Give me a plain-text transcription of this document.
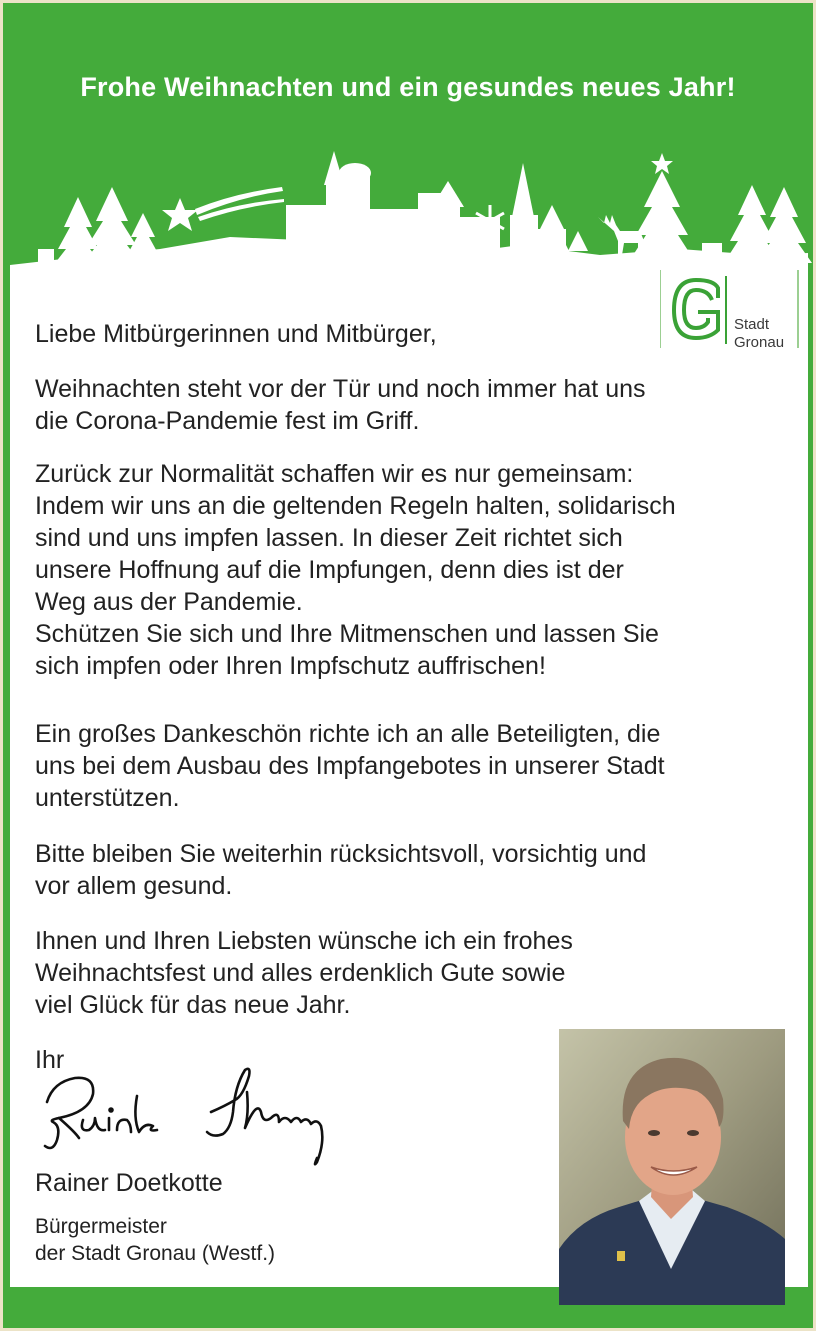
Frohe Weihnachten und ein gesundes neues Jahr!
Stadt
Gronau
Liebe Mitbürgerinnen und Mitbürger,
Weihnachten steht vor der Tür und noch immer hat uns
die Corona-Pandemie fest im Griff.
Zurück zur Normalität schaffen wir es nur gemeinsam:
Indem wir uns an die geltenden Regeln halten, solidarisch
sind und uns impfen lassen. In dieser Zeit richtet sich
unsere Hoffnung auf die Impfungen, denn dies ist der
Weg aus der Pandemie.
Schützen Sie sich und Ihre Mitmenschen und lassen Sie
sich impfen oder Ihren Impfschutz auffrischen!
Ein großes Dankeschön richte ich an alle Beteiligten, die
uns bei dem Ausbau des Impfangebotes in unserer Stadt
unterstützen.
Bitte bleiben Sie weiterhin rücksichtsvoll, vorsichtig und
vor allem gesund.
Ihnen und Ihren Liebsten wünsche ich ein frohes
Weihnachtsfest und alles erdenklich Gute sowie
viel Glück für das neue Jahr.
Ihr
Rainer Doetkotte
Bürgermeister
der Stadt Gronau (Westf.)
